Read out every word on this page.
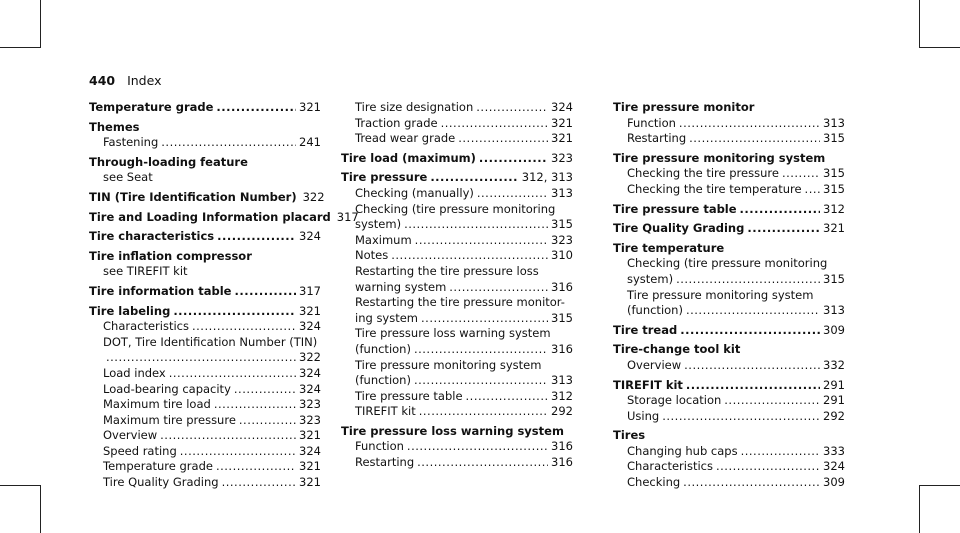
440 Index
Temperature grade .....	321
Themes
Fastening .....	241
Through-loading feature
see Seat
TIN (Tire Identification Number) 322
Tire and Loading Information placard 317
Tire characteristics .....	324
Tire inflation compressor
see TIREFIT kit
Tire information table .....	317
Tire labeling .....	321
Characteristics .....	324
DOT, Tire Identification Number (TIN)
.....
322
Load index .....	324
Load-bearing capacity .....	324
Maximum tire load .....	323
Maximum tire pressure .....	323
Overview .....	321
Speed rating .....	324
Temperature grade .....	321
Tire Quality Grading .....	321
Tire size designation .....	324
Traction grade .....	321
Tread wear grade .....	321
Tire load (maximum) .....	323
Tire pressure .....	312, 313
Checking (manually) .....	313
Checking (tire pressure monitoring
system) .....	315
Maximum .....	323
Notes .....	310
Restarting the tire pressure loss
warning system .....	316
Restarting the tire pressure monitor-
ing system .....	315
Tire pressure loss warning system
(function) .....	316
Tire pressure monitoring system
(function) .....	313
Tire pressure table .....	312
TIREFIT kit .....	292
Tire pressure loss warning system
Function .....	316
Restarting .....	316
Tire pressure monitor
Function .....	313
Restarting .....	315
Tire pressure monitoring system
Checking the tire pressure .....	315
Checking the tire temperature ..... 315
Tire pressure table .....	312
Tire Quality Grading .....	321
Tire temperature
Checking (tire pressure monitoring
system) .....	315
Tire pressure monitoring system
(function) .....	313
Tire tread .....	309
Tire-change tool kit
Overview .....	332
TIREFIT kit .....	291
Storage location .....	291
Using .....	292
Tires
Changing hub caps .....	333
Characteristics .....	324
Checking .....	309
